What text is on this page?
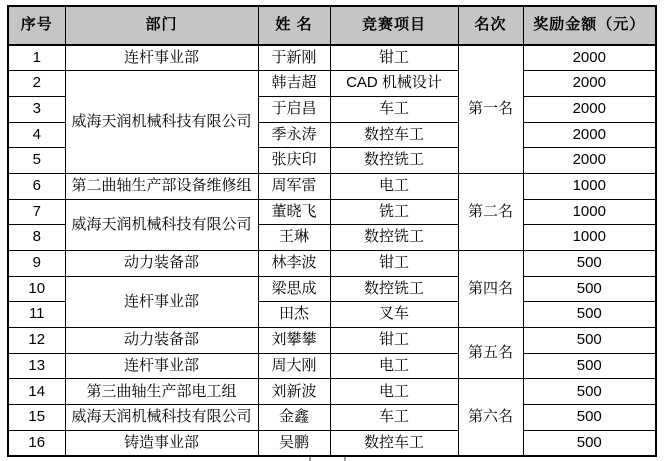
序号	部门	姓 名	竞赛项目	名次	奖励金额（元）
1	连杆事业部	于新刚	钳工	第一名	2000
2	威海天润机械科技有限公司	韩吉超	CAD 机械设计		2000
3		于启昌	车工		2000
4		季永涛	数控车工		2000
5		张庆印	数控铣工		2000
6	第二曲轴生产部设备维修组	周军雷	电工	第二名	1000
7	威海天润机械科技有限公司	董晓飞	铣工		1000
8		王琳	数控铣工		1000
9	动力装备部	林李波	钳工	第四名	500
10	连杆事业部	梁思成	数控铣工		500
11		田杰	叉车		500
12	动力装备部	刘攀攀	钳工	第五名	500
13	连杆事业部	周大刚	电工		500
14	第三曲轴生产部电工组	刘新波	电工	第六名	500
15	威海天润机械科技有限公司	金鑫	车工		500
16	铸造事业部	吴鹏	数控车工		500
